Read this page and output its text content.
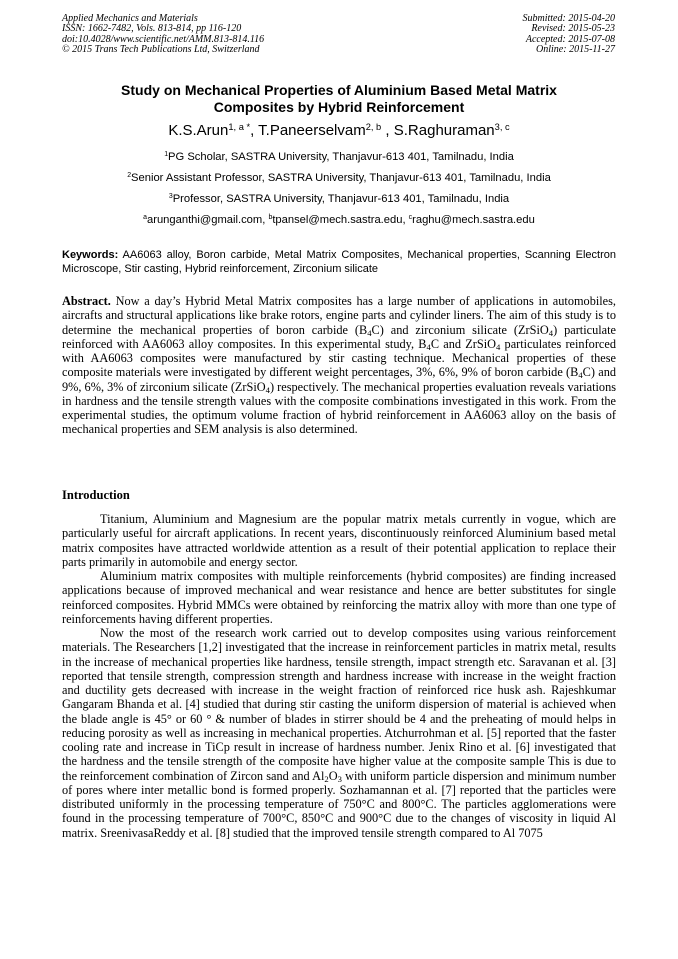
Applied Mechanics and Materials
ISSN: 1662-7482, Vols. 813-814, pp 116-120
doi:10.4028/www.scientific.net/AMM.813-814.116
© 2015 Trans Tech Publications Ltd, Switzerland
Submitted: 2015-04-20
Revised: 2015-05-23
Accepted: 2015-07-08
Online: 2015-11-27
Study on Mechanical Properties of Aluminium Based Metal Matrix
Composites by Hybrid Reinforcement
K.S.Arun$^{1, a *}$, T.Paneerselvam$^{2, b}$ , S.Raghuraman$^{3, c}$
$^1$PG Scholar, SASTRA University, Thanjavur-613 401, Tamilnadu, India
$^2$Senior Assistant Professor, SASTRA University, Thanjavur-613 401, Tamilnadu, India
$^3$Professor, SASTRA University, Thanjavur-613 401, Tamilnadu, India
$^a$arunganthi@gmail.com, $^b$tpansel@mech.sastra.edu, $^c$raghu@mech.sastra.edu
Keywords: AA6063 alloy, Boron carbide, Metal Matrix Composites, Mechanical properties, Scanning Electron Microscope, Stir casting, Hybrid reinforcement, Zirconium silicate
Abstract. Now a day’s Hybrid Metal Matrix composites has a large number of applications in automobiles, aircrafts and structural applications like brake rotors, engine parts and cylinder liners. The aim of this study is to determine the mechanical properties of boron carbide $(B_4C)$ and zirconium silicate (ZrSiO$_4$) particulate reinforced with AA6063 alloy composites. In this experimental study, $B_4C$ and ZrSiO$_4$ particulates reinforced with AA6063 composites were manufactured by stir casting technique. Mechanical properties of these composite materials were investigated by different weight percentages, 3%, 6%, 9% of boron carbide $(B_4C)$ and 9%, 6%, 3% of zirconium silicate (ZrSiO$_4$) respectively. The mechanical properties evaluation reveals variations in hardness and the tensile strength values with the composite combinations investigated in this work. From the experimental studies, the optimum volume fraction of hybrid reinforcement in AA6063 alloy on the basis of mechanical properties and SEM analysis is also determined.
Introduction

Titanium, Aluminium and Magnesium are the popular matrix metals currently in vogue, which are particularly useful for aircraft applications. In recent years, discontinuously reinforced Aluminium based metal matrix composites have attracted worldwide attention as a result of their potential application to replace their parts primarily in automobile and energy sector.

Aluminium matrix composites with multiple reinforcements (hybrid composites) are finding increased applications because of improved mechanical and wear resistance and hence are better substitutes for single reinforced composites. Hybrid MMCs were obtained by reinforcing the matrix alloy with more than one type of reinforcements having different properties.

Now the most of the research work carried out to develop composites using various reinforcement materials. The Researchers [1,2] investigated that the increase in reinforcement particles in matrix metal, results in the increase of mechanical properties like hardness, tensile strength, impact strength etc. Saravanan et al. [3] reported that tensile strength, compression strength and hardness increase with increase in the weight fraction and ductility gets decreased with increase in the weight fraction of reinforced rice husk ash. Rajeshkumar Gangaram Bhanda et al. [4] studied that during stir casting the uniform dispersion of material is achieved when the blade angle is 45° or 60 ° & number of blades in stirrer should be 4 and the preheating of mould helps in reducing porosity as well as increasing in mechanical properties. Atchurrohman et al. [5] reported that the faster cooling rate and increase in TiCp result in increase of hardness number. Jenix Rino et al. [6] investigated that the hardness and the tensile strength of the composite have higher value at the composite sample This is due to the reinforcement combination of Zircon sand and $Al_2O_3$ with uniform particle dispersion and minimum number of pores where inter metallic bond is formed properly. Sozhamannan et al. [7] reported that the particles were distributed uniformly in the processing temperature of 750°C and 800°C. The particles agglomerations were found in the processing temperature of 700°C, 850°C and 900°C due to the changes of viscosity in liquid Al matrix. SreenivasaReddy et al. [8] studied that the improved tensile strength compared to Al 7075
